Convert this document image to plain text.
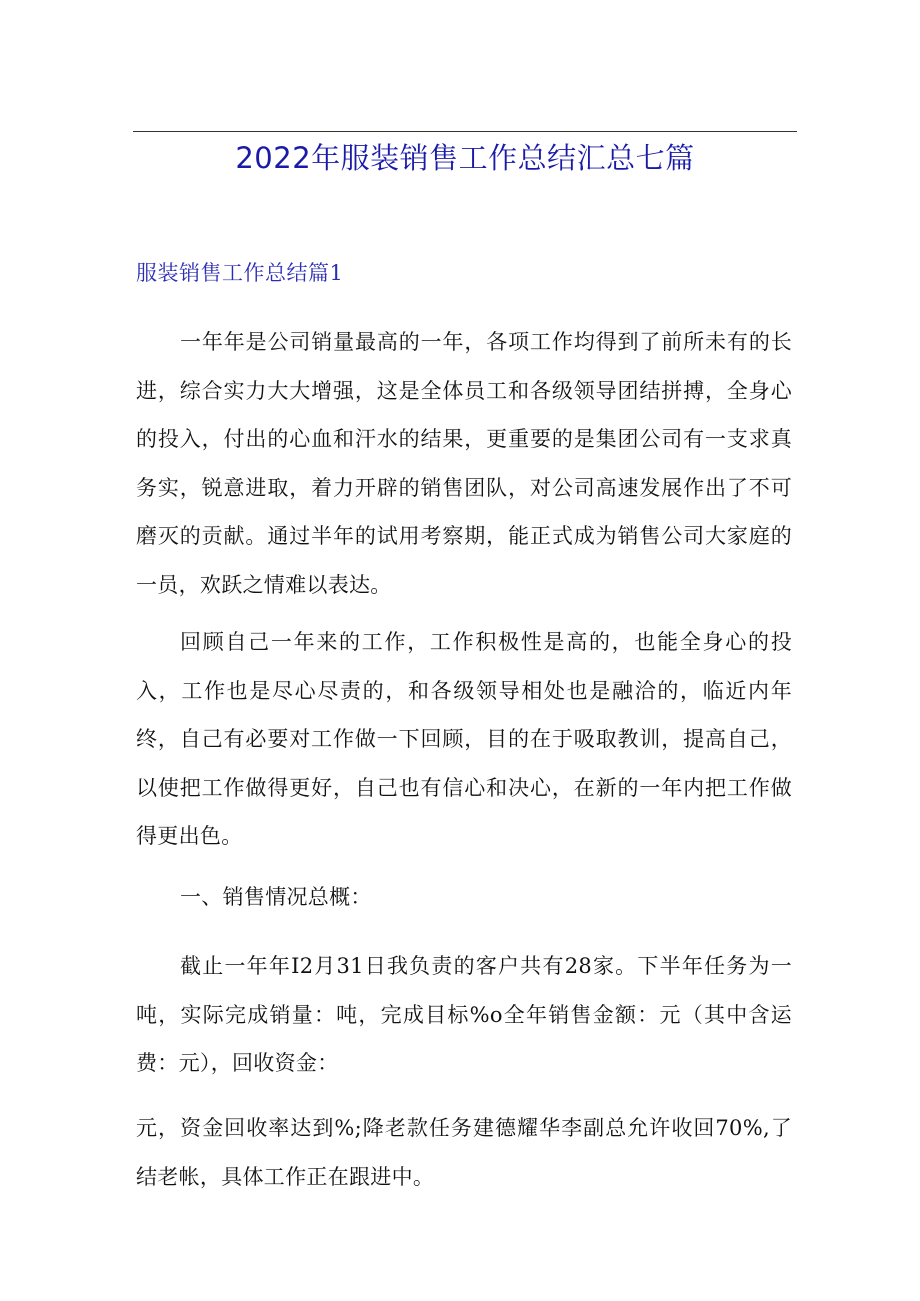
2022年服装销售工作总结汇总七篇
服装销售工作总结篇1

一年年是公司销量最高的一年，各项工作均得到了前所未有的长进，综合实力大大增强，这是全体员工和各级领导团结拼搏，全身心的投入，付出的心血和汗水的结果，更重要的是集团公司有一支求真务实，锐意进取，着力开辟的销售团队，对公司高速发展作出了不可磨灭的贡献。通过半年的试用考察期，能正式成为销售公司大家庭的一员，欢跃之情难以表达。

回顾自己一年来的工作，工作积极性是高的，也能全身心的投入，工作也是尽心尽责的，和各级领导相处也是融洽的，临近内年终，自己有必要对工作做一下回顾，目的在于吸取教训，提高自己，以使把工作做得更好，自己也有信心和决心，在新的一年内把工作做得更出色。

一、销售情况总概：

截止一年年I2月31日我负责的客户共有28家。下半年任务为一吨，实际完成销量：吨，完成目标%o全年销售金额：元（其中含运费：元），回收资金：

元，资金回收率达到%;降老款任务建德耀华李副总允许收回70%,了结老帐，具体工作正在跟进中。
